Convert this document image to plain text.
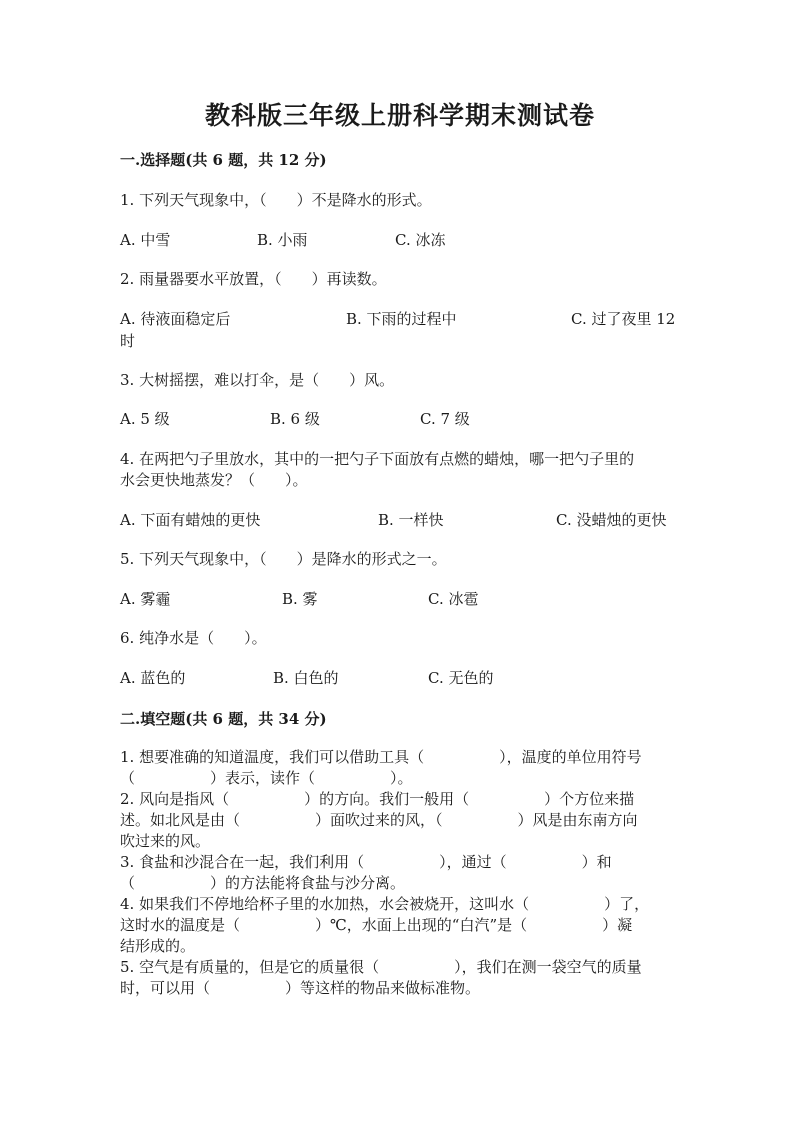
教科版三年级上册科学期末测试卷
一.选择题(共 6 题，共 12 分)
1. 下列天气现象中，（　　）不是降水的形式。
A. 中雪	B. 小雨	C. 冰冻
2. 雨量器要水平放置，（　　）再读数。
A. 待液面稳定后	B. 下雨的过程中	C. 过了夜里 12
时
3. 大树摇摆，难以打伞，是（　　）风。
A. 5 级	B. 6 级	C. 7 级
4. 在两把勺子里放水，其中的一把勺子下面放有点燃的蜡烛，哪一把勺子里的
水会更快地蒸发？（　　）。
A. 下面有蜡烛的更快	B. 一样快	C. 没蜡烛的更快
5. 下列天气现象中，（　　）是降水的形式之一。
A. 雾霾	B. 雾	C. 冰雹
6. 纯净水是（　　）。
A. 蓝色的	B. 白色的	C. 无色的
二.填空题(共 6 题，共 34 分)
1. 想要准确的知道温度，我们可以借助工具（　　　　　），温度的单位用符号
（　　　　　）表示，读作（　　　　　）。
2. 风向是指风（　　　　　）的方向。我们一般用（　　　　　）个方位来描
述。如北风是由（　　　　　）面吹过来的风，（　　　　　）风是由东南方向
吹过来的风。
3. 食盐和沙混合在一起，我们利用（　　　　　），通过（　　　　　）和
（　　　　　）的方法能将食盐与沙分离。
4. 如果我们不停地给杯子里的水加热，水会被烧开，这叫水（　　　　　）了，
这时水的温度是（　　　　　）℃，水面上出现的“白汽”是（　　　　　）凝
结形成的。
5. 空气是有质量的，但是它的质量很（　　　　　），我们在测一袋空气的质量
时，可以用（　　　　　）等这样的物品来做标准物。
